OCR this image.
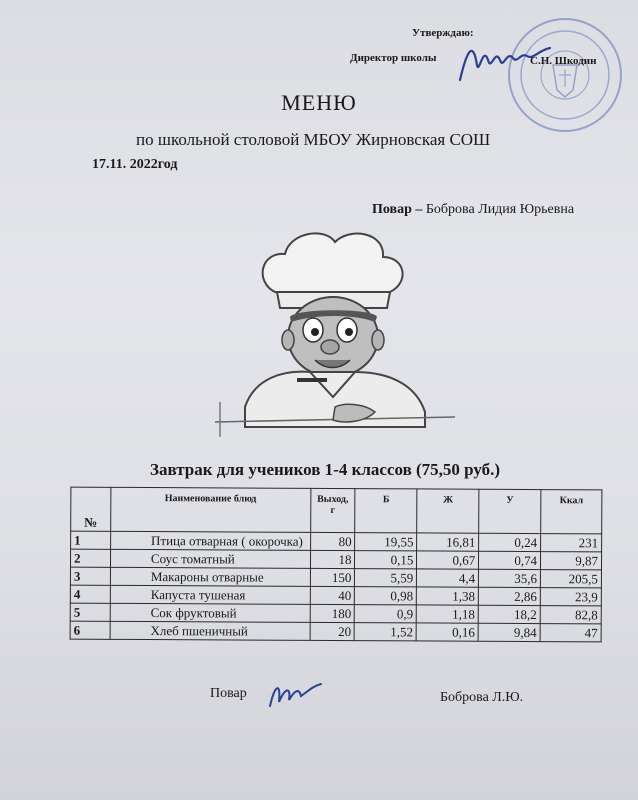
Утверждаю:
Директор школы	С.Н. Шкодин
МЕНЮ
по школьной столовой МБОУ Жирновская СОШ
17.11. 2022год
Повар – Боброва Лидия Юрьевна
Завтрак для учеников 1-4 классов (75,50 руб.)
№	Наименование блюд	Выход, г	Б	Ж	У	Ккал
1	Птица отварная ( окорочка)	80	19,55	16,81	0,24	231
2	Соус томатный	18	0,15	0,67	0,74	9,87
3	Макароны отварные	150	5,59	4,4	35,6	205,5
4	Капуста тушеная	40	0,98	1,38	2,86	23,9
5	Сок фруктовый	180	0,9	1,18	18,2	82,8
6	Хлеб пшеничный	20	1,52	0,16	9,84	47
Повар	Боброва Л.Ю.
